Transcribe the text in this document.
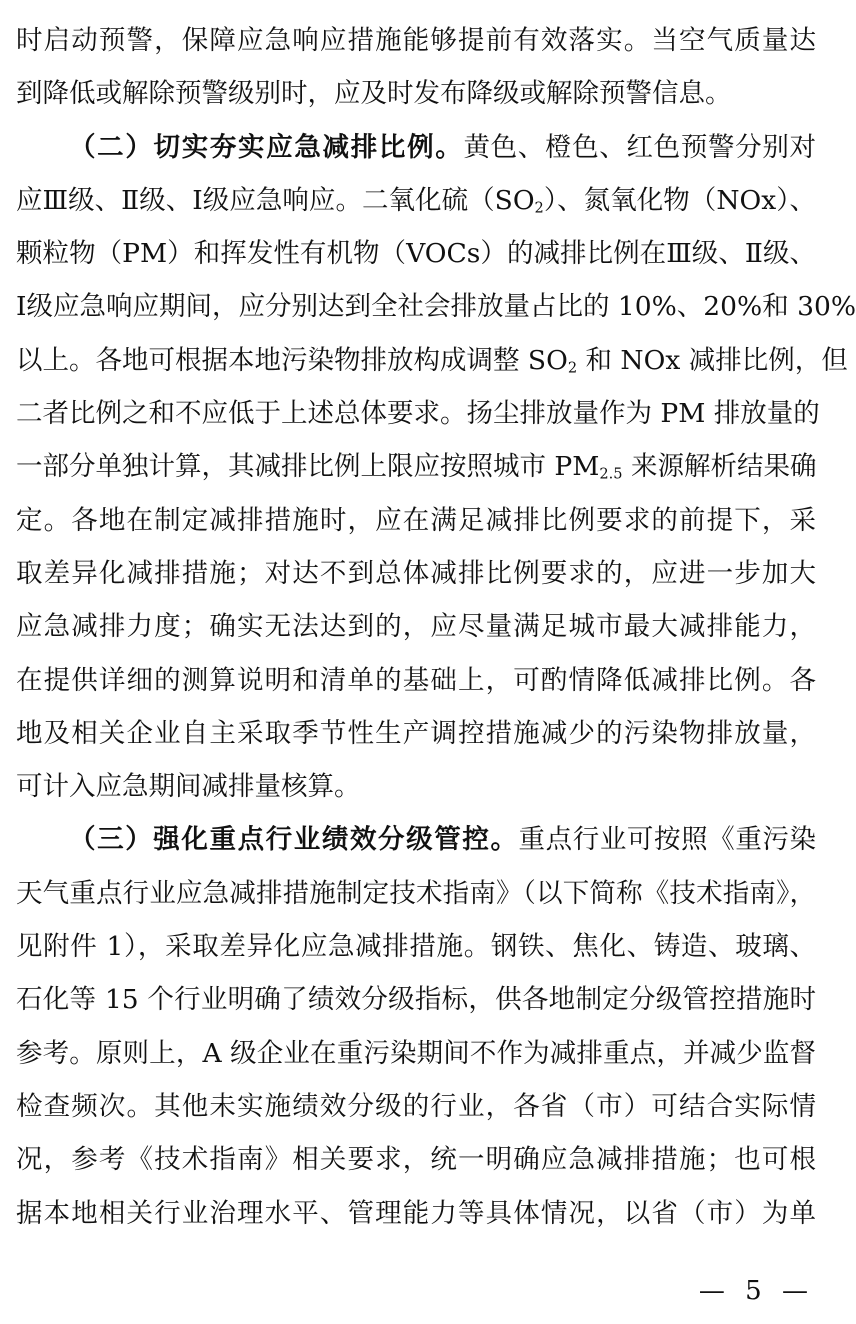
时启动预警，保障应急响应措施能够提前有效落实。当空气质量达
到降低或解除预警级别时，应及时发布降级或解除预警信息。
（二）切实夯实应急减排比例。黄色、橙色、红色预警分别对
应Ⅲ级、Ⅱ级、Ⅰ级应急响应。二氧化硫$(SO_2)$、氮氧化物（NOx）、
颗粒物（PM）和挥发性有机物（VOCs）的减排比例在Ⅲ级、Ⅱ级、
Ⅰ级应急响应期间，应分别达到全社会排放量占比的 10%、20%和 30%
以上。各地可根据本地污染物排放构成调整 $SO_2$ 和 NOx 减排比例，但
二者比例之和不应低于上述总体要求。扬尘排放量作为 PM 排放量的
一部分单独计算，其减排比例上限应按照城市 $PM_{2.5}$ 来源解析结果确
定。各地在制定减排措施时，应在满足减排比例要求的前提下，采
取差异化减排措施；对达不到总体减排比例要求的，应进一步加大
应急减排力度；确实无法达到的，应尽量满足城市最大减排能力，
在提供详细的测算说明和清单的基础上，可酌情降低减排比例。各
地及相关企业自主采取季节性生产调控措施减少的污染物排放量，
可计入应急期间减排量核算。
（三）强化重点行业绩效分级管控。重点行业可按照《重污染
天气重点行业应急减排措施制定技术指南》（以下简称《技术指南》，
见附件 1），采取差异化应急减排措施。钢铁、焦化、铸造、玻璃、
石化等 15 个行业明确了绩效分级指标，供各地制定分级管控措施时
参考。原则上，A 级企业在重污染期间不作为减排重点，并减少监督
检查频次。其他未实施绩效分级的行业，各省（市）可结合实际情
况，参考《技术指南》相关要求，统一明确应急减排措施；也可根
据本地相关行业治理水平、管理能力等具体情况，以省（市）为单
— 5 —
